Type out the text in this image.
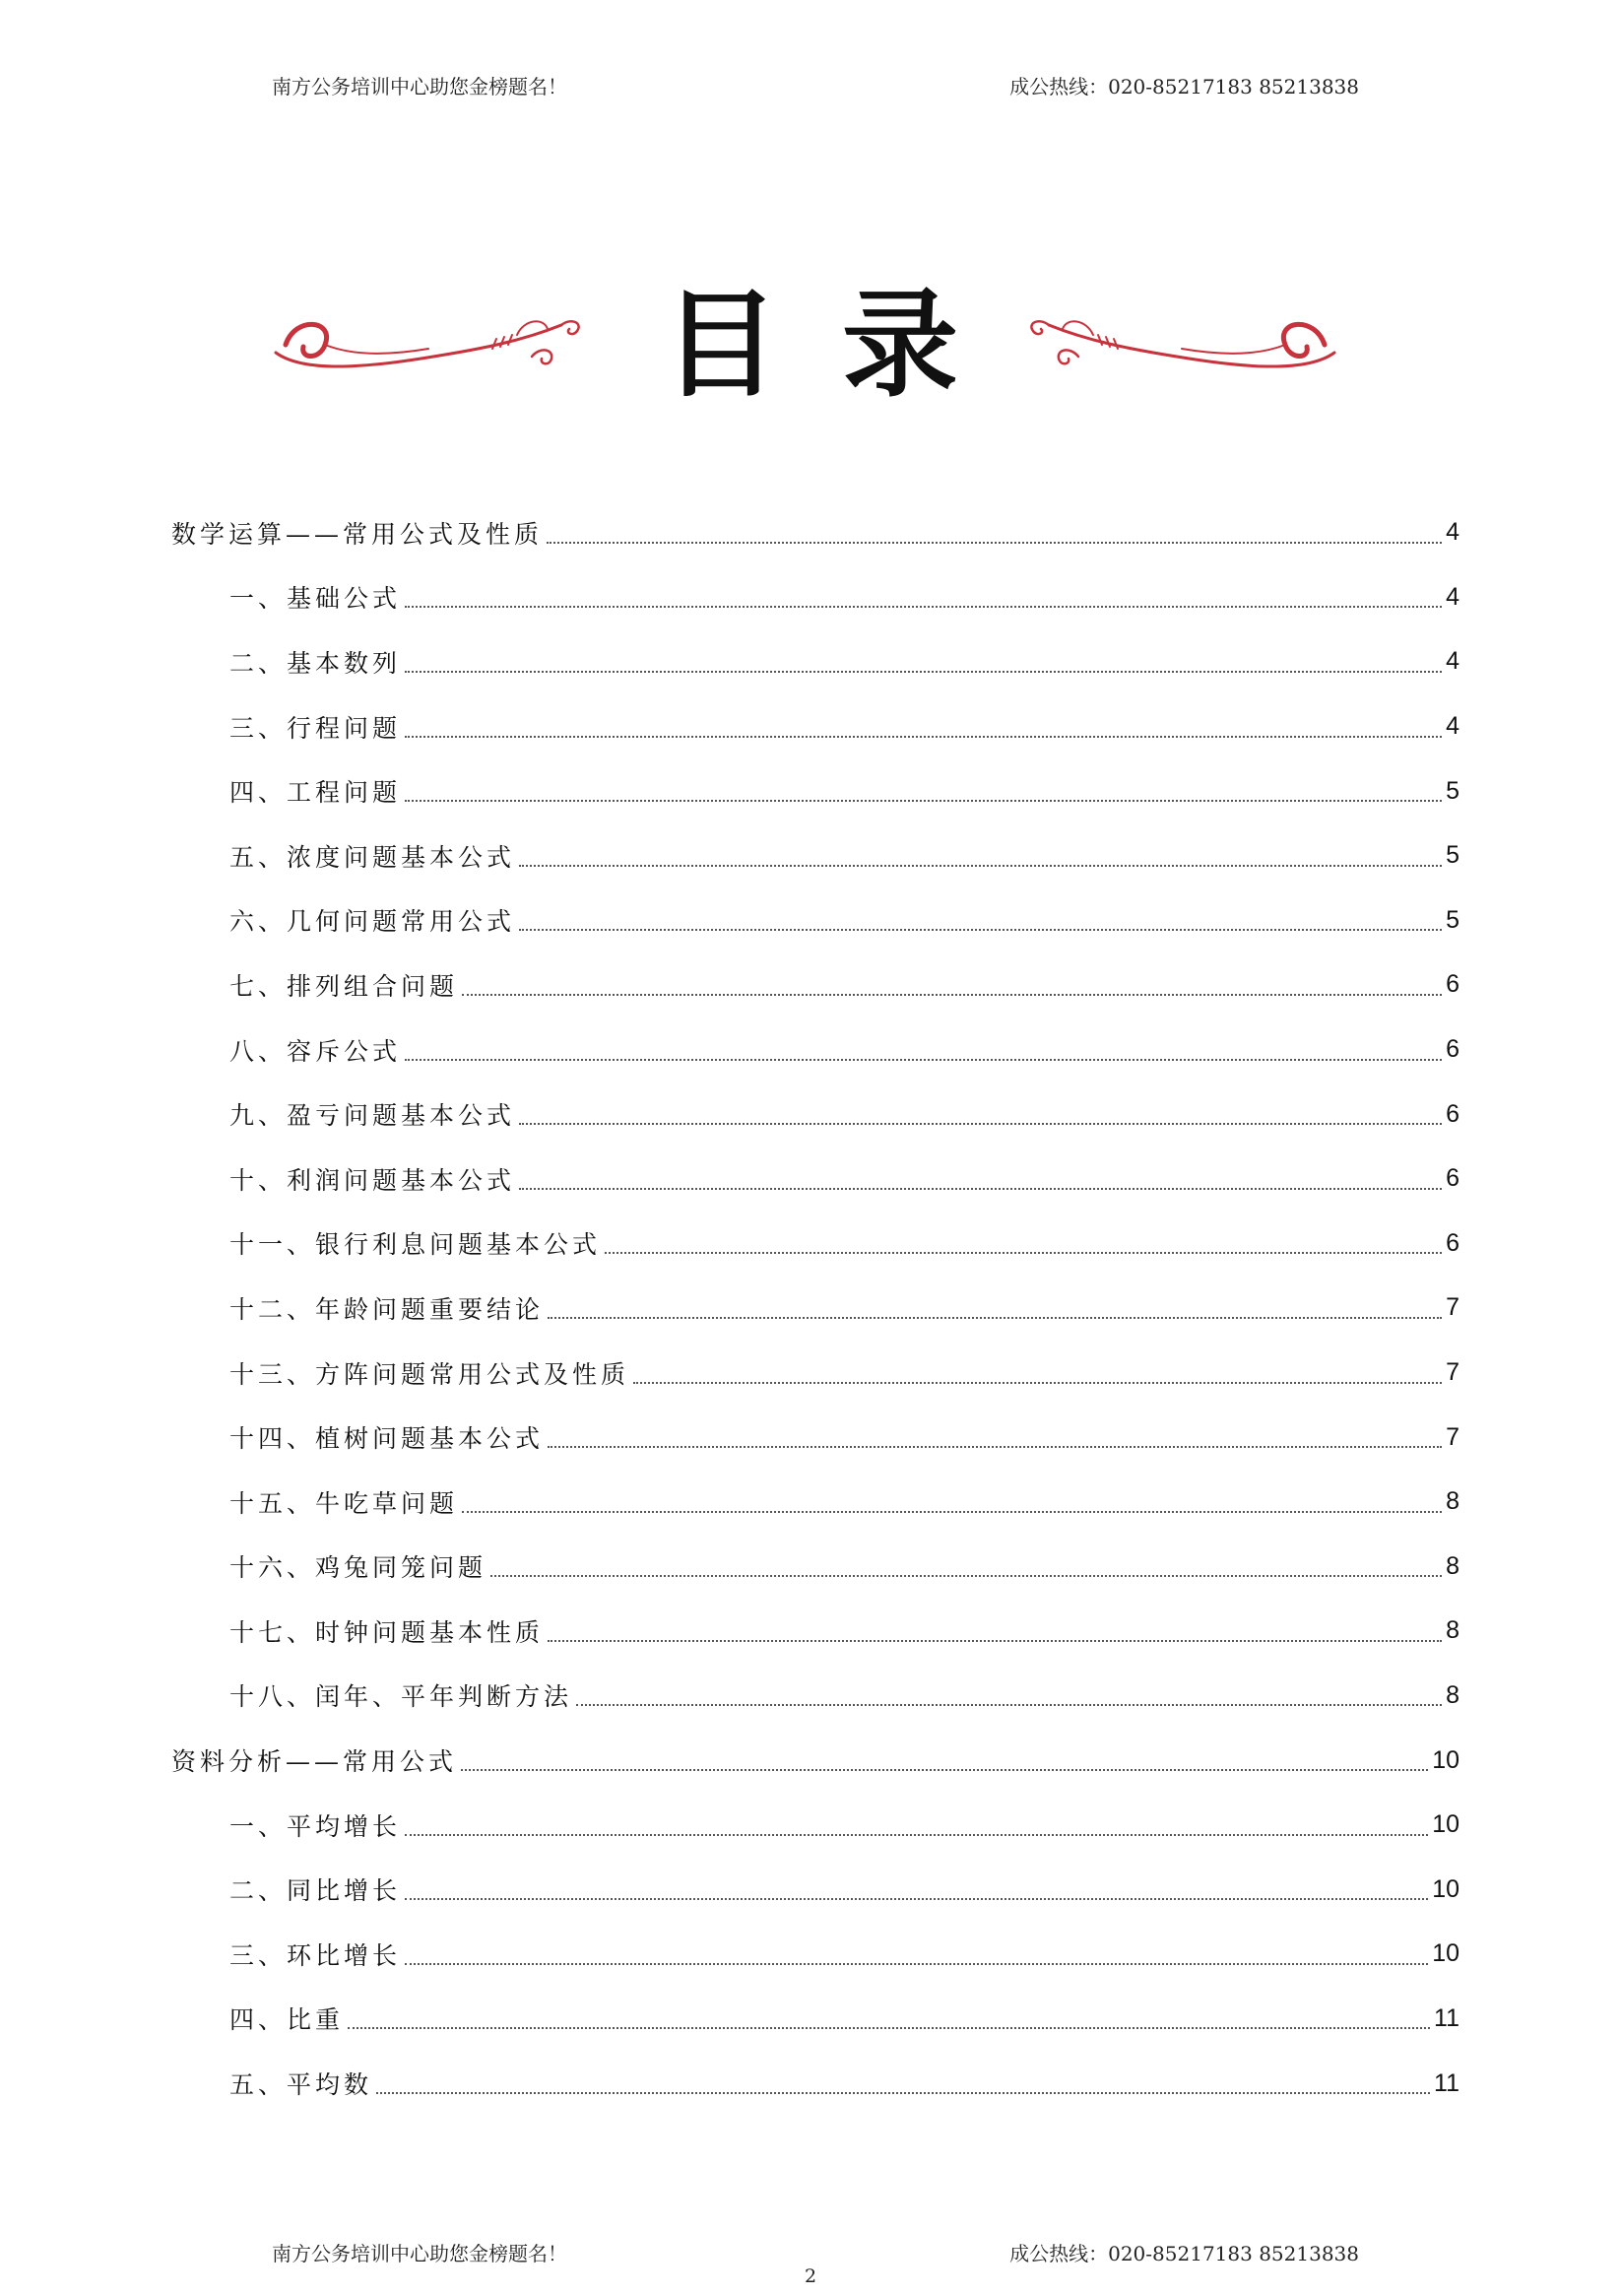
南方公务培训中心助您金榜题名！	成公热线：020-85217183 85213838
目录
数学运算——常用公式及性质	4
一、基础公式	4
二、基本数列	4
三、行程问题	4
四、工程问题	5
五、浓度问题基本公式	5
六、几何问题常用公式	5
七、排列组合问题	6
八、容斥公式	6
九、盈亏问题基本公式	6
十、利润问题基本公式	6
十一、银行利息问题基本公式	6
十二、年龄问题重要结论	7
十三、方阵问题常用公式及性质	7
十四、植树问题基本公式	7
十五、牛吃草问题	8
十六、鸡兔同笼问题	8
十七、时钟问题基本性质	8
十八、闰年、平年判断方法	8
资料分析——常用公式	10
一、平均增长	10
二、同比增长	10
三、环比增长	10
四、比重	11
五、平均数	11
南方公务培训中心助您金榜题名！	成公热线：020-85217183 85213838
2
